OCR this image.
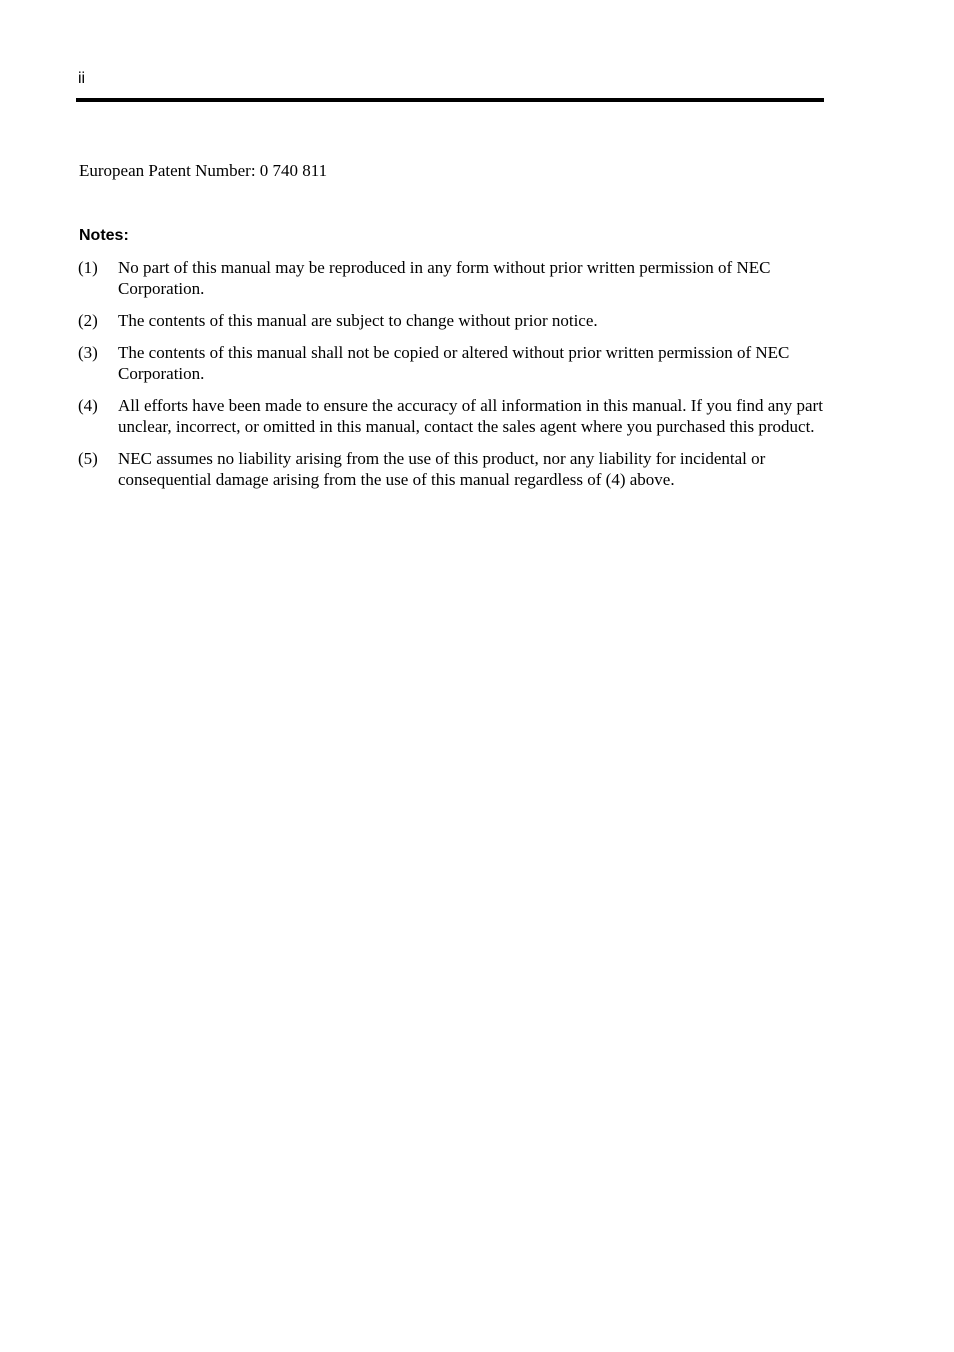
ii
European Patent Number: 0 740 811
Notes:
(1) No part of this manual may be reproduced in any form without prior written permission of NEC Corporation.
(2) The contents of this manual are subject to change without prior notice.
(3) The contents of this manual shall not be copied or altered without prior written permission of NEC Corporation.
(4) All efforts have been made to ensure the accuracy of all information in this manual. If you find any part unclear, incorrect, or omitted in this manual, contact the sales agent where you purchased this product.
(5) NEC assumes no liability arising from the use of this product, nor any liability for incidental or consequential damage arising from the use of this manual regardless of (4) above.
